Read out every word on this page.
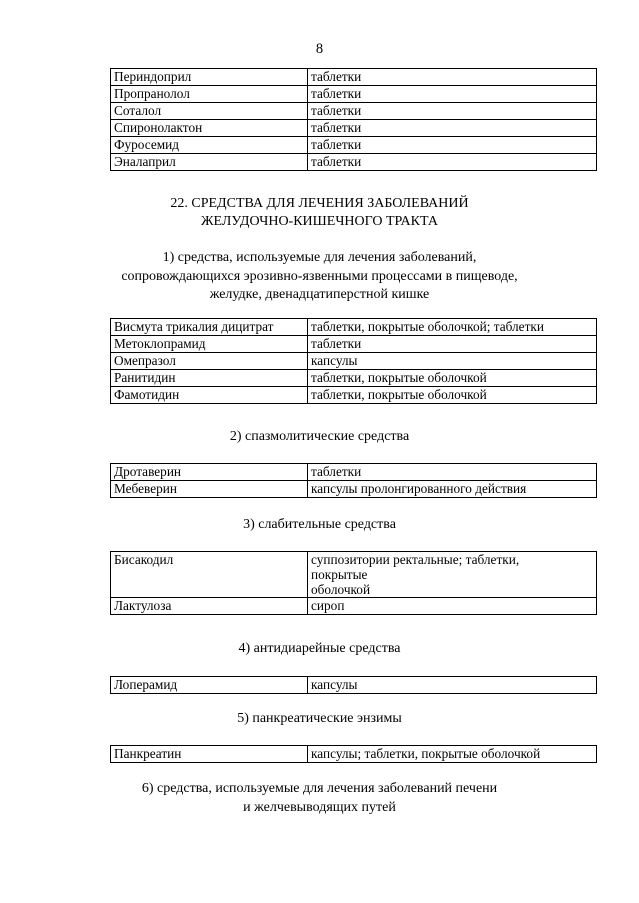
8
Периндоприл	таблетки
Пропранолол	таблетки
Соталол	таблетки
Спиронолактон	таблетки
Фуросемид	таблетки
Эналаприл	таблетки
22. СРЕДСТВА ДЛЯ ЛЕЧЕНИЯ ЗАБОЛЕВАНИЙ
ЖЕЛУДОЧНО-КИШЕЧНОГО ТРАКТА
1) средства, используемые для лечения заболеваний,
сопровождающихся эрозивно-язвенными процессами в пищеводе,
желудке, двенадцатиперстной кишке
Висмута трикалия дицитрат	таблетки, покрытые оболочкой; таблетки
Метоклопрамид	таблетки
Омепразол	капсулы
Ранитидин	таблетки, покрытые оболочкой
Фамотидин	таблетки, покрытые оболочкой
2) спазмолитические средства
Дротаверин	таблетки
Мебеверин	капсулы пролонгированного действия
3) слабительные средства
Бисакодил	суппозитории ректальные; таблетки,
покрытые
оболочкой

Лактулоза	сироп
4) антидиарейные средства
Лоперамид	капсулы
5) панкреатические энзимы
Панкреатин	капсулы; таблетки, покрытые оболочкой
6) средства, используемые для лечения заболеваний печени
и желчевыводящих путей
